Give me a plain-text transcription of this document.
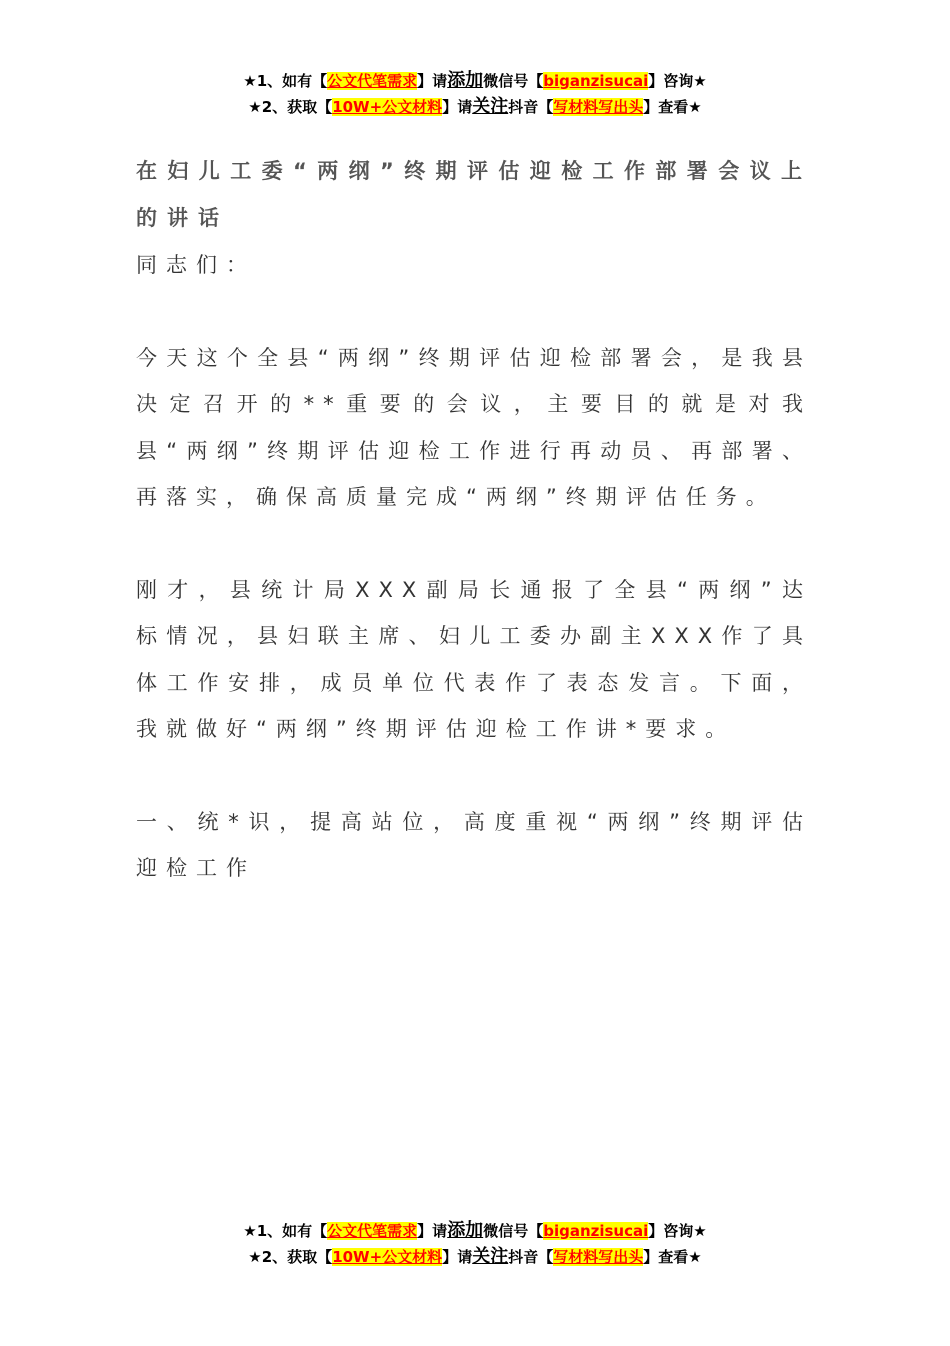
★1、如有【公文代笔需求】请添加微信号【biganzisucai】咨询★
★2、获取【10W+公文材料】请关注抖音【写材料写出头】查看★

在妇儿工委“两纲”终期评估迎检工作部署会议上的讲话

同志们：

今天这个全县“两纲”终期评估迎检部署会，是我县决定召开的**重要的会议，主要目的就是对我县“两纲”终期评估迎检工作进行再动员、再部署、再落实，确保高质量完成“两纲”终期评估任务。

刚才，县统计局XXX副局长通报了全县“两纲”达标情况，县妇联主席、妇儿工委办副主XXX作了具体工作安排，成员单位代表作了表态发言。下面，我就做好“两纲”终期评估迎检工作讲*要求。

一、统*识，提高站位，高度重视“两纲”终期评估迎检工作

★1、如有【公文代笔需求】请添加微信号【biganzisucai】咨询★
★2、获取【10W+公文材料】请关注抖音【写材料写出头】查看★
